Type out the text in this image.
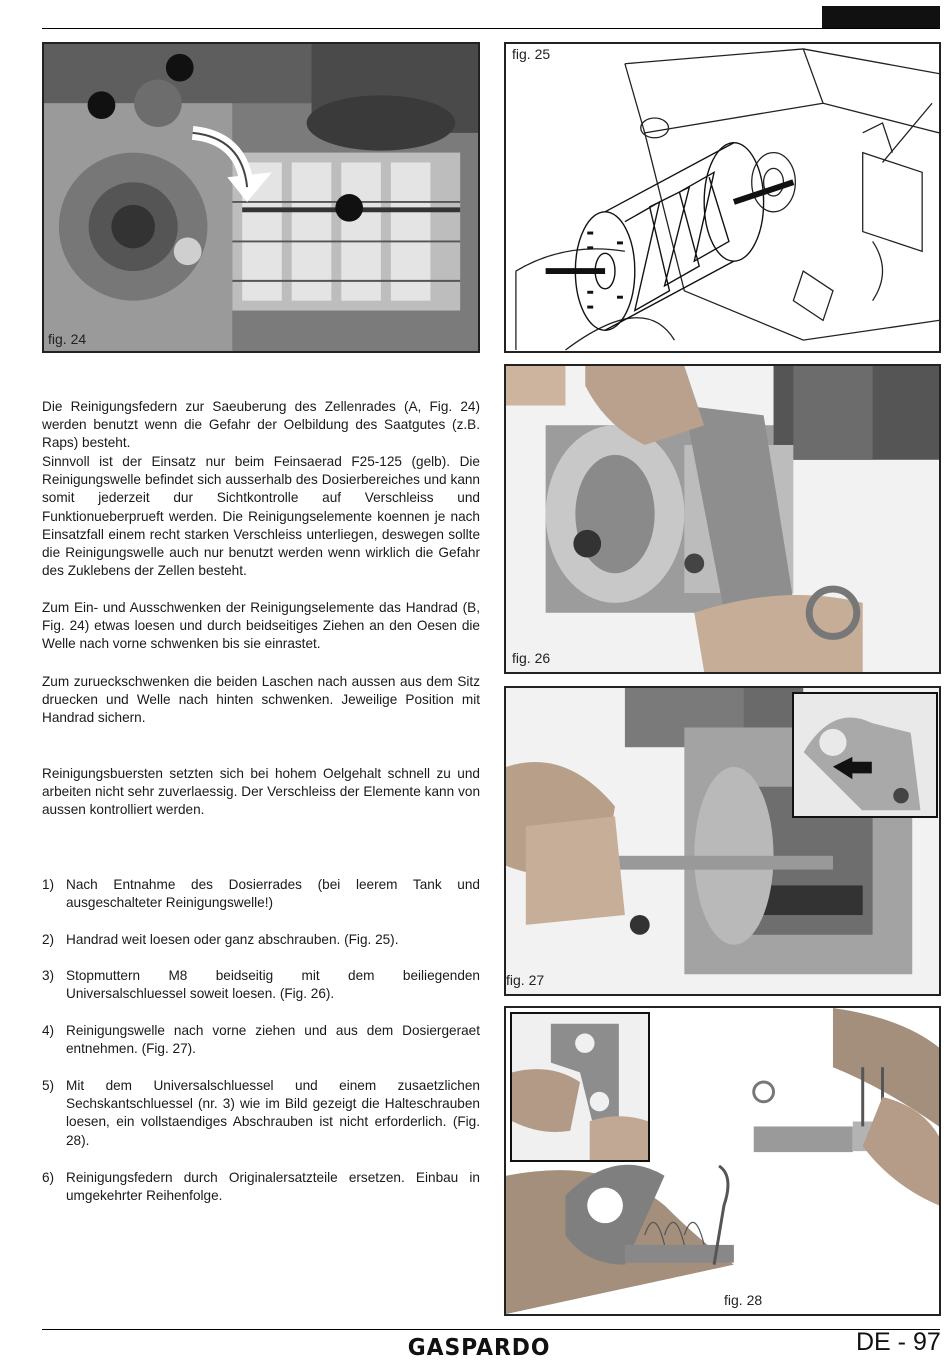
fig. 24
fig. 25
fig. 26
fig. 27
fig. 28
Die Reinigungsfedern zur Saeuberung des Zellenrades (A, Fig. 24) werden benutzt wenn die Gefahr der Oelbildung des Saatgutes (z.B. Raps) besteht.
Sinnvoll ist der Einsatz nur beim Feinsaerad F25-125 (gelb). Die Reinigungswelle befindet sich ausserhalb des Dosierbereiches und kann somit jederzeit dur Sichtkontrolle auf Verschleiss und Funktionueberprueft werden. Die Reinigungselemente koennen je nach Einsatzfall einem recht starken Verschleiss unterliegen, deswegen sollte die Reinigungswelle auch nur benutzt werden wenn wirklich die Gefahr des Zuklebens der Zellen besteht.
Zum Ein- und Ausschwenken der Reinigungselemente das Handrad (B, Fig. 24) etwas loesen und durch beidseitiges Ziehen an den Oesen die Welle nach vorne schwenken bis sie einrastet.
Zum zurueckschwenken die beiden Laschen nach aussen aus dem Sitz druecken und Welle nach hinten schwenken. Jeweilige Position mit Handrad sichern.
Reinigungsbuersten setzten sich bei hohem Oelgehalt schnell zu und arbeiten nicht sehr zuverlaessig. Der Verschleiss der Elemente kann von aussen kontrolliert werden.
1) Nach Entnahme des Dosierrades (bei leerem Tank und ausgeschalteter Reinigungswelle!)
2) Handrad weit loesen oder ganz abschrauben. (Fig. 25).
3) Stopmuttern M8 beidseitig mit dem beiliegenden Universalschluessel soweit loesen. (Fig. 26).
4) Reinigungswelle nach vorne ziehen und aus dem Dosiergeraet entnehmen. (Fig. 27).
5) Mit dem Universalschluessel und einem zusaetzlichen Sechskantschluessel (nr. 3) wie im Bild gezeigt die Halteschrauben loesen, ein vollstaendiges Abschrauben ist nicht erforderlich. (Fig. 28).
6) Reinigungsfedern durch Originalersatzteile ersetzen. Einbau in umgekehrter Reihenfolge.
GASPARDO	DE - 97
